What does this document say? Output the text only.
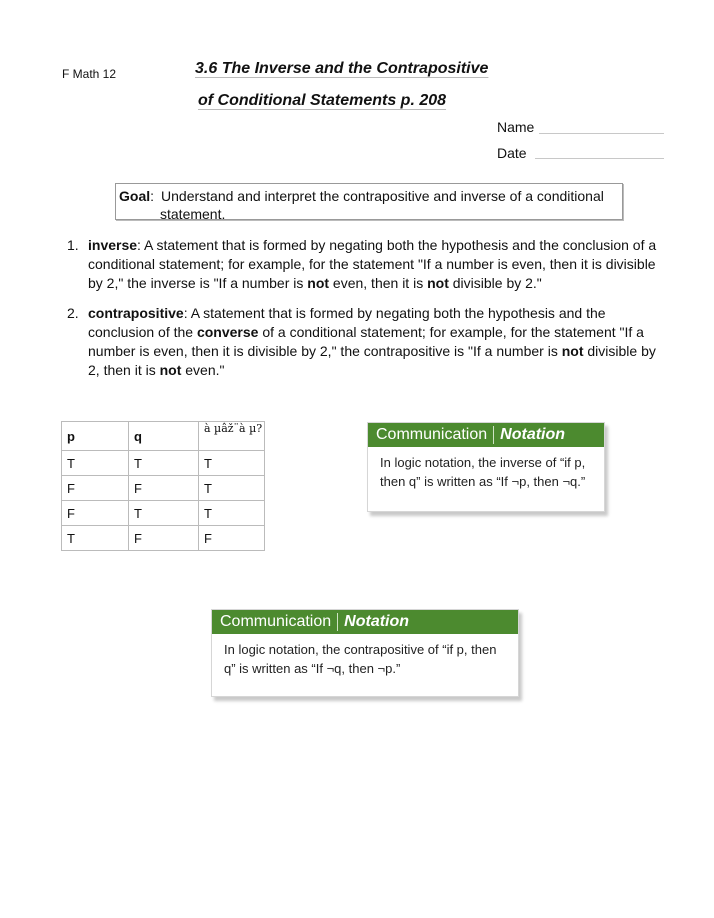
F Math 12	3.6 The Inverse and the Contrapositive
of Conditional Statements p. 208
Name
Date
Goal : Understand and interpret the contrapositive and inverse of a conditional
statement.
1. inverse: A statement that is formed by negating both the hypothesis and the conclusion of a conditional statement; for example, for the statement "If a number is even, then it is divisible by 2," the inverse is "If a number is not even, then it is not divisible by 2."
2. contrapositive: A statement that is formed by negating both the hypothesis and the conclusion of the converse of a conditional statement; for example, for the statement "If a number is even, then it is divisible by 2," the contrapositive is "If a number is not divisible by 2, then it is not even."
p	q	à µâž¨à µ?
T	T	T
F	F	T
F	T	T
T	F	F
Communication Notation
In logic notation, the inverse of “if p,
then q” is written as “If ¬p, then ¬q.”
Communication Notation
In logic notation, the contrapositive of “if p, then
q” is written as “If ¬q, then ¬p.”
